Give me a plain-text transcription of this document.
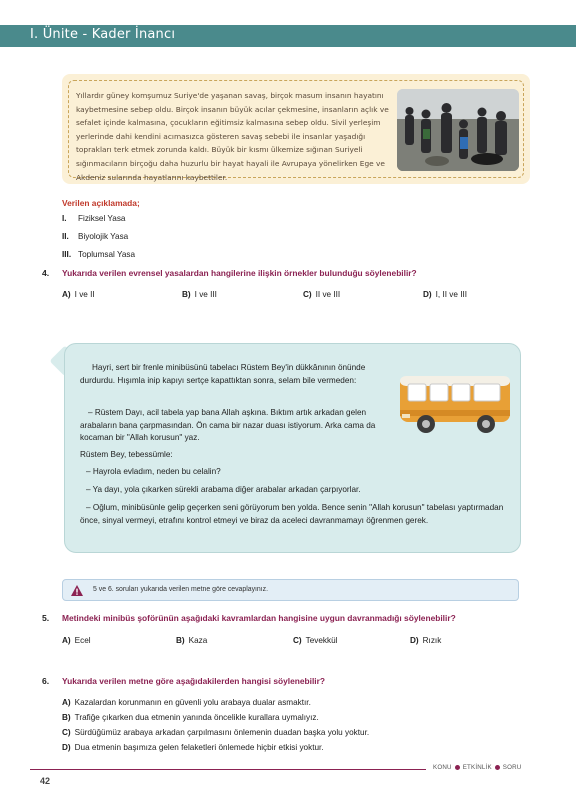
I. Ünite - Kader İnancı
Yıllardır güney komşumuz Suriye'de yaşanan savaş, birçok masum insanın hayatını kaybetmesine sebep oldu. Birçok insanın büyük acılar çekmesine, insanların açlık ve sefalet içinde kalmasına, çocukların eğitimsiz kalmasına sebep oldu. Sivil yerleşim yerlerinde dahi kendini acımasızca gösteren savaş sebebi ile insanlar yaşadığı toprakları terk etmek zorunda kaldı. Büyük bir kısmı ülkemize sığınan Suriyeli sığınmacıların birçoğu daha huzurlu bir hayat hayali ile Avrupaya yönelirken Ege ve Akdeniz sularında hayatlarını kaybettiler.
Verilen açıklamada;
I. Fiziksel Yasa
II. Biyolojik Yasa
III. Toplumsal Yasa
4. Yukarıda verilen evrensel yasalardan hangilerine ilişkin örnekler bulunduğu söylenebilir?
A) I ve II	B) I ve III	C) II ve III	D) I, II ve III
Hayri, sert bir frenle minibüsünü tabelacı Rüstem Bey'in dükkânının önünde durdurdu. Hışımla inip kapıyı sertçe kapattıktan sonra, selam bile vermeden:
– Rüstem Dayı, acil tabela yap bana Allah aşkına. Bıktım artık arkadan gelen arabaların bana çarpmasından. Ön cama bir nazar duası istiyorum. Arka cama da kocaman bir "Allah korusun" yaz.
Rüstem Bey, tebessümle:
– Hayrola evladım, neden bu celalin?
– Ya dayı, yola çıkarken sürekli arabama diğer arabalar arkadan çarpıyorlar.
– Oğlum, minibüsünle gelip geçerken seni görüyorum ben yolda. Bence senin "Allah korusun" tabelası yaptırmadan önce, sinyal vermeyi, etrafını kontrol etmeyi ve biraz da aceleci davranmamayı öğrenmen gerek.
5 ve 6. soruları yukarıda verilen metne göre cevaplayınız.
5. Metindeki minibüs şoförünün aşağıdaki kavramlardan hangisine uygun davranmadığı söylenebilir?
A) Ecel	B) Kaza	C) Tevekkül	D) Rızık
6. Yukarıda verilen metne göre aşağıdakilerden hangisi söylenebilir?
A) Kazalardan korunmanın en güvenli yolu arabaya dualar asmaktır.
B) Trafiğe çıkarken dua etmenin yanında öncelikle kurallara uymalıyız.
C) Sürdüğümüz arabaya arkadan çarpılmasını önlemenin duadan başka yolu yoktur.
D) Dua etmenin başımıza gelen felaketleri önlemede hiçbir etkisi yoktur.
42
KONU ETKİNLİK SORU
